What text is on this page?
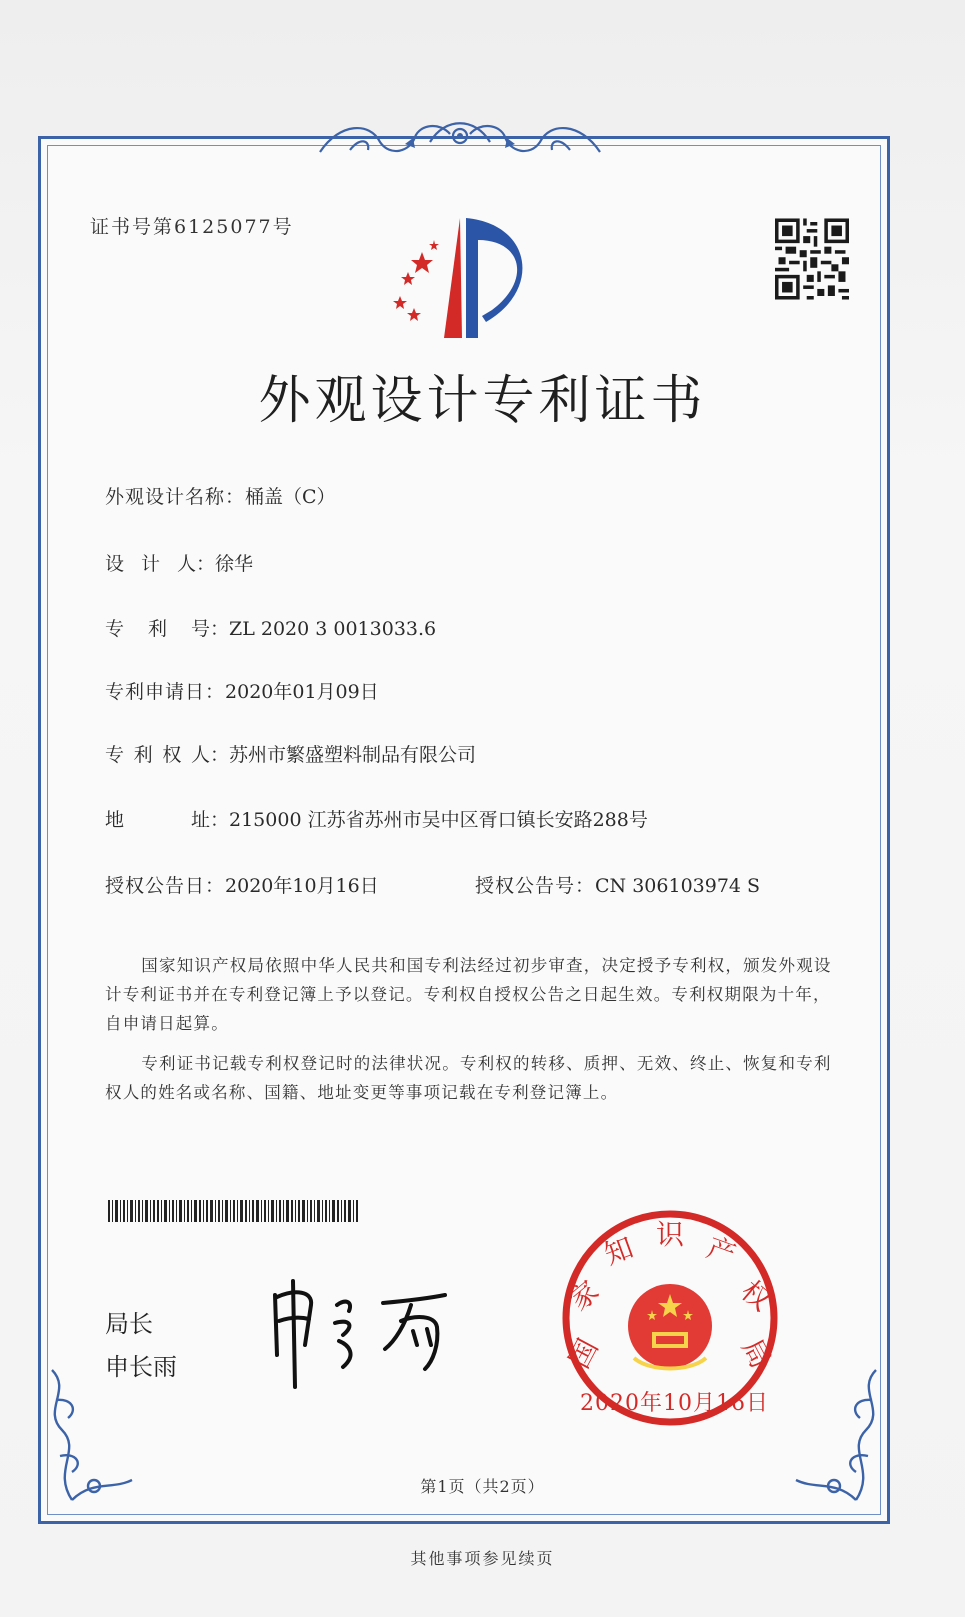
证书号第6125077号
外观设计专利证书
外观设计名称：桶盖（C）
设 计 人： 徐华
专 利 号： ZL 2020 3 0013033.6
专利申请日：2020年01月09日
专 利 权 人： 苏州市繁盛塑料制品有限公司
地	址： 215000 江苏省苏州市吴中区胥口镇长安路288号
授权公告日：2020年10月16日	授权公告号：CN 306103974 S
国家知识产权局依照中华人民共和国专利法经过初步审查，决定授予专利权，颁发外观设计专利证书并在专利登记簿上予以登记。专利权自授权公告之日起生效。专利权期限为十年，自申请日起算。
专利证书记载专利权登记时的法律状况。专利权的转移、质押、无效、终止、恢复和专利权人的姓名或名称、国籍、地址变更等事项记载在专利登记簿上。
局长
申长雨	国
家
知 识 产
权
局
2020年10月16日
第1页（共2页）
其他事项参见续页
